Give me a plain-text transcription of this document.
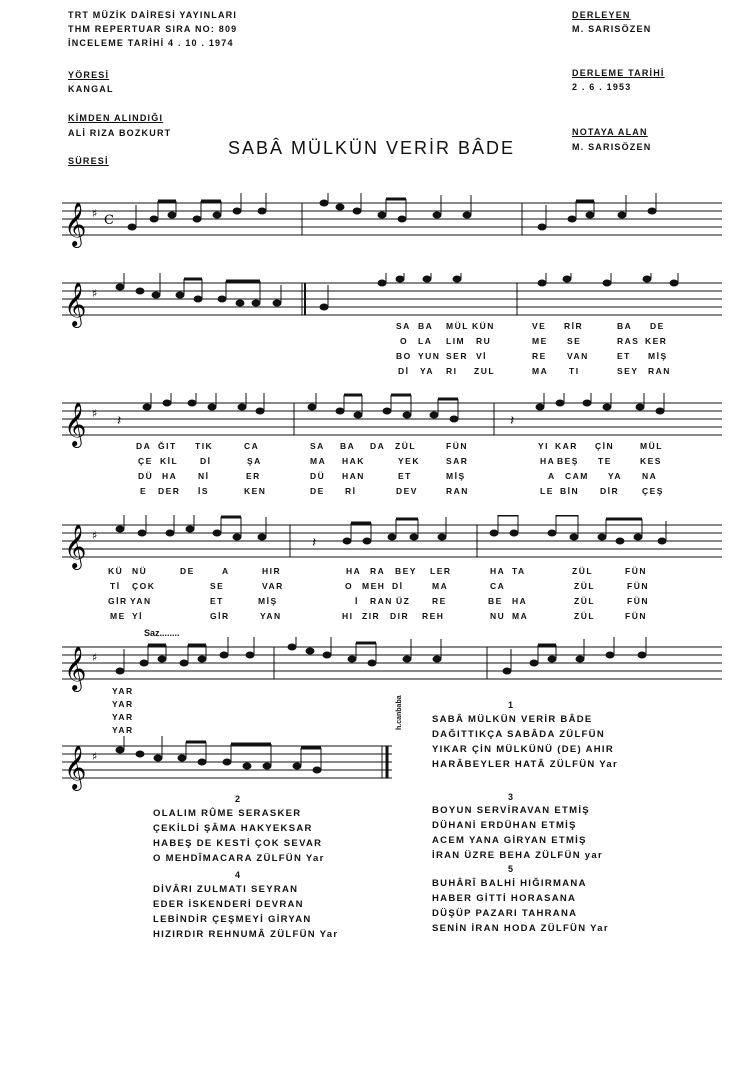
TRT MÜZİK DAİRESİ YAYINLARI
THM REPERTUAR SIRA NO: 809
İNCELEME TARİHİ 4 . 10 . 1974
DERLEYEN
M. SARISÖZEN
YÖRESİ
KANGAL
DERLEME TARİHİ
2 . 6 . 1953
KİMDEN ALINDIĞI
ALİ RIZA BOZKURT	NOTAYA ALAN
M. SARISÖZEN
SÜRESİ
SABÂ MÜLKÜN VERİR BÂDE
𝄞 ♯ C
𝄞 ♯
SA BA MÜL KÜN	VE RİR	BA DE
O LA LIM RU	ME SE	RAS KER
BO YUN SER Vİ	RE VAN	ET MİŞ
Dİ YA RI ZUL	MA TI	SEY RAN
𝄞 ♯ 𝄽	𝄽
DA ĞIT TIK	CA	SA BA DA ZÜL	FÜN	YI KAR ÇİN	MÜL
ÇE KİL	Dİ	ŞA	MA HAK	YEK	SAR	HA BEŞ TE	KES
DÜ HA Nİ	ER	DÜ HAN	ET	MİŞ	A CAM YA NA
E DER İS	KEN	DE Rİ	DEV	RAN	LE BİN DİR	ÇEŞ
𝄞 ♯	𝄽
KÜ NÜ	DE	A	HIR	HA RA BEY LER	HA TA	ZÜL	FÜN
Tİ ÇOK	SE	VAR	O MEH Dİ	MA	CA	ZÜL	FÜN
GİR YAN	ET	MİŞ	İ RAN ÜZ	RE	BE HA	ZÜL	FÜN
ME Yİ	GİR	YAN	HI ZIR DIR REH	NU MA	ZÜL	FÜN
Saz........
𝄞 ♯
YAR
YAR
YAR
YAR
𝄞 ♯
h.canbaba	1
SABÂ MÜLKÜN VERİR BÂDE
DAĞITTIKÇA SABÂDA ZÜLFÜN
YIKAR ÇİN MÜLKÜNÜ (DE) AHIR
HARÂBEYLER HATÂ ZÜLFÜN Yar
2
OLALIM RÛME SERASKER
ÇEKİLDİ ŞÂMA HAKYEKSAR
HABEŞ DE KESTİ ÇOK SEVAR
O MEHDÎMACARA ZÜLFÜN Yar
3
BOYUN SERVİRAVAN ETMİŞ
DÜHANİ ERDÜHAN ETMİŞ
ACEM YANA GİRYAN ETMİŞ
İRAN ÜZRE BEHA ZÜLFÜN yar
4
DİVÂRI ZULMATI SEYRAN
EDER İSKENDERİ DEVRAN
LEBİNDİR ÇEŞMEYİ GİRYAN
HIZIRDIR REHNUMÂ ZÜLFÜN Yar
5
BUHÂRÎ BALHİ HIĞIRMANA
HABER GİTTİ HORASANA
DÜŞÜP PAZARI TAHRANA
SENİN İRAN HODA ZÜLFÜN Yar
